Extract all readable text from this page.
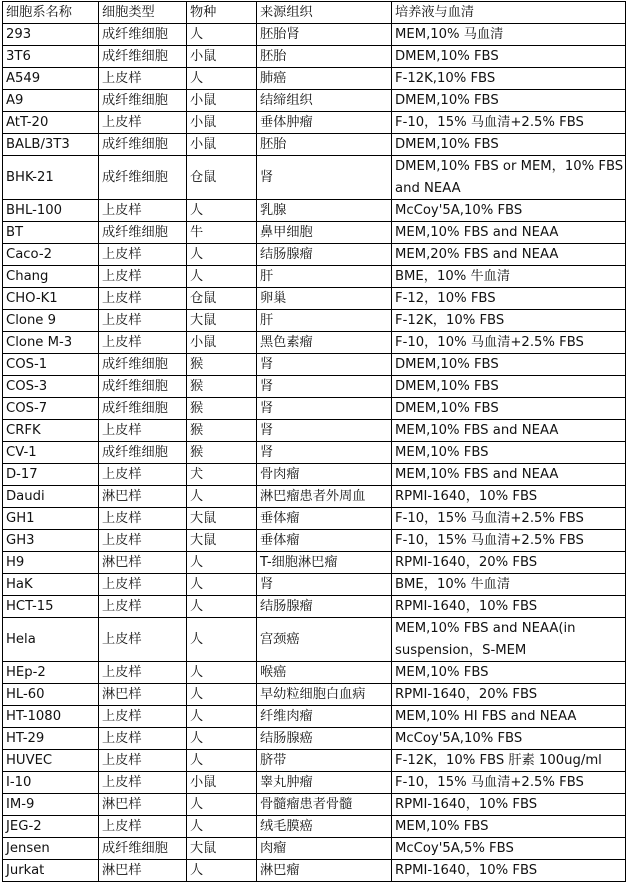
细胞系名称	细胞类型	物种	来源组织	培养液与血清
293	成纤维细胞	人	胚胎肾	MEM,10% 马血清
3T6	成纤维细胞	小鼠	胚胎	DMEM,10% FBS
A549	上皮样	人	肺癌	F-12K,10% FBS
A9	成纤维细胞	小鼠	结缔组织	DMEM,10% FBS
AtT-20	上皮样	小鼠	垂体肿瘤	F-10，15% 马血清+2.5% FBS
BALB/3T3	成纤维细胞	小鼠	胚胎	DMEM,10% FBS
BHK-21	成纤维细胞	仓鼠	肾	DMEM,10% FBS or MEM，10% FBS and NEAA
BHL-100	上皮样	人	乳腺	McCoy'5A,10% FBS
BT	成纤维细胞	牛	鼻甲细胞	MEM,10% FBS and NEAA
Caco-2	上皮样	人	结肠腺瘤	MEM,20% FBS and NEAA
Chang	上皮样	人	肝	BME，10% 牛血清
CHO-K1	上皮样	仓鼠	卵巢	F-12，10% FBS
Clone 9	上皮样	大鼠	肝	F-12K，10% FBS
Clone M-3	上皮样	小鼠	黑色素瘤	F-10，10% 马血清+2.5% FBS
COS-1	成纤维细胞	猴	肾	DMEM,10% FBS
COS-3	成纤维细胞	猴	肾	DMEM,10% FBS
COS-7	成纤维细胞	猴	肾	DMEM,10% FBS
CRFK	上皮样	猴	肾	MEM,10% FBS and NEAA
CV-1	成纤维细胞	猴	肾	MEM,10% FBS
D-17	上皮样	犬	骨肉瘤	MEM,10% FBS and NEAA
Daudi	淋巴样	人	淋巴瘤患者外周血	RPMI-1640，10% FBS
GH1	上皮样	大鼠	垂体瘤	F-10，15% 马血清+2.5% FBS
GH3	上皮样	大鼠	垂体瘤	F-10，15% 马血清+2.5% FBS
H9	淋巴样	人	T-细胞淋巴瘤	RPMI-1640，20% FBS
HaK	上皮样	人	肾	BME，10% 牛血清
HCT-15	上皮样	人	结肠腺瘤	RPMI-1640，10% FBS
Hela	上皮样	人	宫颈癌	MEM,10% FBS and NEAA(in suspension，S-MEM
HEp-2	上皮样	人	喉癌	MEM,10% FBS
HL-60	淋巴样	人	早幼粒细胞白血病	RPMI-1640，20% FBS
HT-1080	上皮样	人	纤维肉瘤	MEM,10% HI FBS and NEAA
HT-29	上皮样	人	结肠腺癌	McCoy'5A,10% FBS
HUVEC	上皮样	人	脐带	F-12K，10% FBS 肝素 100ug/ml
I-10	上皮样	小鼠	睾丸肿瘤	F-10，15% 马血清+2.5% FBS
IM-9	淋巴样	人	骨髓瘤患者骨髓	RPMI-1640，10% FBS
JEG-2	上皮样	人	绒毛膜癌	MEM,10% FBS
Jensen	成纤维细胞	大鼠	肉瘤	McCoy'5A,5% FBS
Jurkat	淋巴样	人	淋巴瘤	RPMI-1640，10% FBS
